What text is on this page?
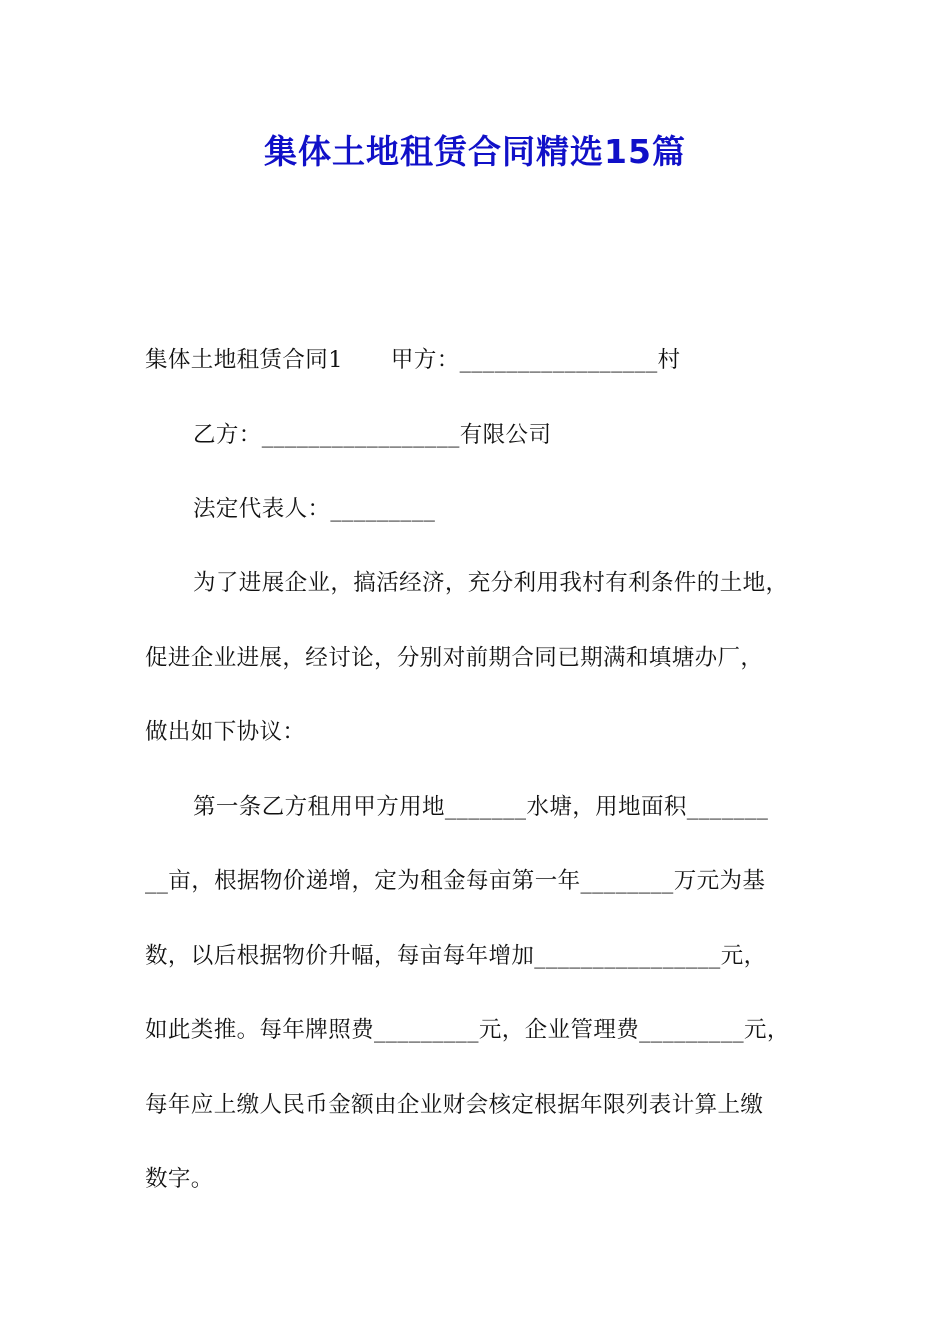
集体土地租赁合同精选15篇

集体土地租赁合同1 甲方：_________________村

乙方：_________________有限公司

法定代表人：_________

为了进展企业，搞活经济，充分利用我村有利条件的土地，

促进企业进展，经讨论，分别对前期合同已期满和填塘办厂，

做出如下协议：

第一条乙方租用甲方用地_______水塘，用地面积_______

__亩，根据物价递增，定为租金每亩第一年________万元为基

数，以后根据物价升幅，每亩每年增加________________元，

如此类推。每年牌照费_________元，企业管理费_________元，

每年应上缴人民币金额由企业财会核定根据年限列表计算上缴

数字。
